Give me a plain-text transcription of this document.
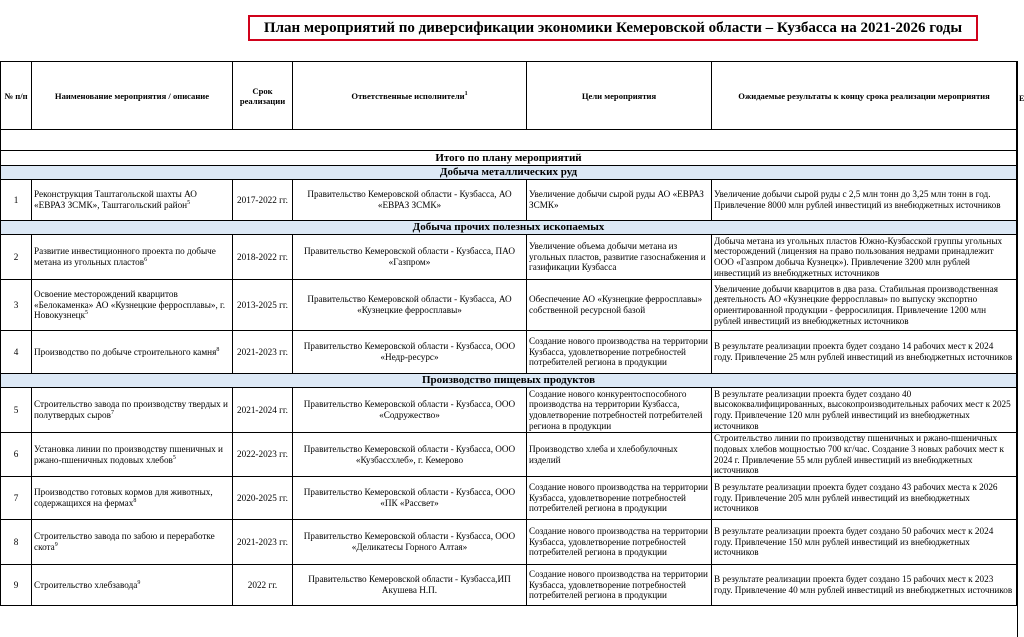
План мероприятий по диверсификации экономики Кемеровской области – Кузбасса на 2021-2026 годы
№ п/п	Наименование мероприятия / описание	Срок реализации	Ответственные исполнители$^1$	Цели мероприятия	Ожидаемые результаты к концу срока реализации мероприятия

Итого по плану мероприятий					
Добыча металлических руд					
1	Реконструкция Таштагольской шахты АО «ЕВРАЗ ЗСМК», Таштагольский район$^5$	2017-2022 гг.	Правительство Кемеровской области - Кузбасса, АО «ЕВРАЗ ЗСМК»	Увеличение добычи сырой руды АО «ЕВРАЗ ЗСМК»	Увеличение добычи сырой руды с 2,5 млн тонн до 3,25 млн тонн в год. Привлечение 8000 млн рублей инвестиций из внебюджетных источников
Добыча прочих полезных ископаемых					
2	Развитие инвестиционного проекта по добыче метана из угольных пластов$^6$	2018-2022 гг.	Правительство Кемеровской области - Кузбасса, ПАО «Газпром»	Увеличение объема добычи метана из угольных пластов, развитие газоснабжения и газификации Кузбасса	Добыча метана из угольных пластов Южно-Кузбасской группы угольных месторождений (лицензия на право пользования недрами принадлежит ООО «Газпром добыча Кузнецк»). Привлечение 3200 млн рублей инвестиций из внебюджетных источников
3	Освоение месторождений кварцитов «Белокаменка» АО «Кузнецкие ферросплавы», г. Новокузнецк$^5$	2013-2025 гг.	Правительство Кемеровской области - Кузбасса, АО «Кузнецкие ферросплавы»	Обеспечение АО «Кузнецкие ферросплавы» собственной ресурсной базой	Увеличение добычи кварцитов в два раза. Стабильная производственная деятельность АО «Кузнецкие ферросплавы» по выпуску экспортно ориентированной продукции - ферросилиция. Привлечение 1200 млн рублей инвестиций из внебюджетных источников
4	Производство по добыче строительного камня$^8$	2021-2023 гг.	Правительство Кемеровской области - Кузбасса, ООО «Недр-ресурс»	Создание нового производства на территории Кузбасса, удовлетворение потребностей потребителей региона в продукции	В результате реализации проекта будет создано 14 рабочих мест к 2024 году. Привлечение 25 млн рублей инвестиций из внебюджетных источников
Производство пищевых продуктов					
5	Строительство завода по производству твердых и полутвердых сыров$^7$	2021-2024 гг.	Правительство Кемеровской области - Кузбасса, ООО «Содружество»	Создание нового конкурентоспособного производства на территории Кузбасса, удовлетворение потребностей потребителей региона в продукции	В результате реализации проекта будет создано 40 высококвалифицированных, высокопроизводительных рабочих мест к 2025 году. Привлечение 120 млн рублей инвестиций из внебюджетных источников
6	Установка линии по производству пшеничных и ржано-пшеничных подовых хлебов$^5$	2022-2023 гг.	Правительство Кемеровской области - Кузбасса, ООО «Кузбассхлеб», г. Кемерово	Производство хлеба и хлебобулочных изделий	Строительство линии по производству пшеничных и ржано-пшеничных подовых хлебов мощностью 700 кг/час. Создание 3 новых рабочих мест к 2024 г. Привлечение 55 млн рублей инвестиций из внебюджетных источников
7	Производство готовых кормов для животных, содержащихся на фермах$^8$	2020-2025 гг.	Правительство Кемеровской области - Кузбасса, ООО «ПК «Рассвет»	Создание нового производства на территории Кузбасса, удовлетворение потребностей потребителей региона в продукции	В результате реализации проекта будет создано 43 рабочих места к 2026 году. Привлечение 205 млн рублей инвестиций из внебюджетных источников
8	Строительство завода по забою и переработке скота$^9$	2021-2023 гг.	Правительство Кемеровской области - Кузбасса, ООО «Деликатесы Горного Алтая»	Создание нового производства на территории Кузбасса, удовлетворение потребностей потребителей региона в продукции	В результате реализации проекта будет создано 50 рабочих мест к 2024 году. Привлечение 150 млн рублей инвестиций из внебюджетных источников
9	Строительство хлебзавода$^9$	2022 гг.	Правительство Кемеровской области - Кузбасса,ИП Акушева Н.П.	Создание нового производства на территории Кузбасса, удовлетворение потребностей потребителей региона в продукции	В результате реализации проекта будет создано 15 рабочих мест к 2023 году. Привлечение 40 млн рублей инвестиций из внебюджетных источников
Е
